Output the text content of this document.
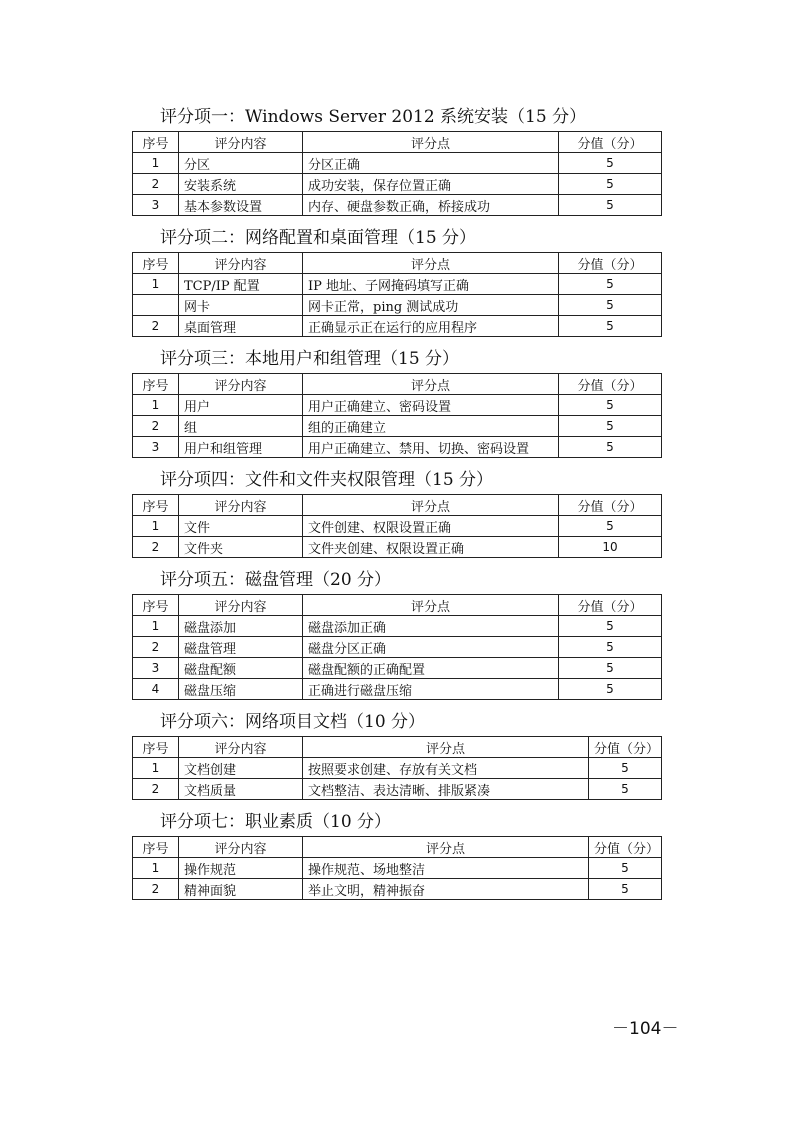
评分项一：Windows Server 2012 系统安装（15 分）
序号	评分内容	评分点	分值（分）
1	分区	分区正确	5
2	安装系统	成功安装，保存位置正确	5
3	基本参数设置	内存、硬盘参数正确，桥接成功	5
评分项二：网络配置和桌面管理（15 分）
序号	评分内容	评分点	分值（分）
1	TCP/IP 配置	IP 地址、子网掩码填写正确	5
	网卡	网卡正常，ping 测试成功	5
2	桌面管理	正确显示正在运行的应用程序	5
评分项三：本地用户和组管理（15 分）
序号	评分内容	评分点	分值（分）
1	用户	用户正确建立、密码设置	5
2	组	组的正确建立	5
3	用户和组管理	用户正确建立、禁用、切换、密码设置	5
评分项四：文件和文件夹权限管理（15 分）
序号	评分内容	评分点	分值（分）
1	文件	文件创建、权限设置正确	5
2	文件夹	文件夹创建、权限设置正确	10
评分项五：磁盘管理（20 分）
序号	评分内容	评分点	分值（分）
1	磁盘添加	磁盘添加正确	5
2	磁盘管理	磁盘分区正确	5
3	磁盘配额	磁盘配额的正确配置	5
4	磁盘压缩	正确进行磁盘压缩	5
评分项六：网络项目文档（10 分）
序号	评分内容	评分点	分值（分）
1	文档创建	按照要求创建、存放有关文档	5
2	文档质量	文档整洁、表达清晰、排版紧凑	5
评分项七：职业素质（10 分）
序号	评分内容	评分点	分值（分）
1	操作规范	操作规范、场地整洁	5
2	精神面貌	举止文明，精神振奋	5
－104－
